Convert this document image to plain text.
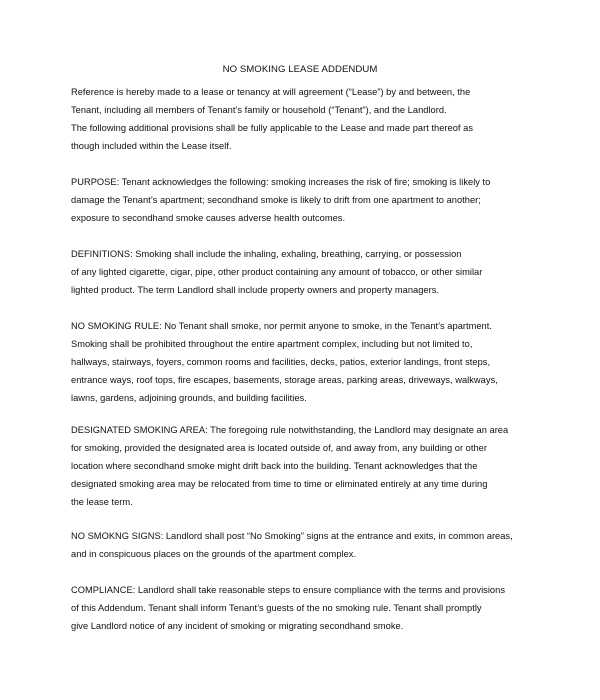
NO SMOKING LEASE ADDENDUM
Reference is hereby made to a lease or tenancy at will agreement (“Lease”) by and between, the
Tenant, including all members of Tenant’s family or household (“Tenant”), and the Landlord.
The following additional provisions shall be fully applicable to the Lease and made part thereof as
though included within the Lease itself.
PURPOSE: Tenant acknowledges the following: smoking increases the risk of fire; smoking is likely to
damage the Tenant’s apartment; secondhand smoke is likely to drift from one apartment to another;
exposure to secondhand smoke causes adverse health outcomes.
DEFINITIONS: Smoking shall include the inhaling, exhaling, breathing, carrying, or possession
of any lighted cigarette, cigar, pipe, other product containing any amount of tobacco, or other similar
lighted product. The term Landlord shall include property owners and property managers.
NO SMOKING RULE: No Tenant shall smoke, nor permit anyone to smoke, in the Tenant’s apartment.
Smoking shall be prohibited throughout the entire apartment complex, including but not limited to,
hallways, stairways, foyers, common rooms and facilities, decks, patios, exterior landings, front steps,
entrance ways, roof tops, fire escapes, basements, storage areas, parking areas, driveways, walkways,
lawns, gardens, adjoining grounds, and building facilities.
DESIGNATED SMOKING AREA: The foregoing rule notwithstanding, the Landlord may designate an area
for smoking, provided the designated area is located outside of, and away from, any building or other
location where secondhand smoke might drift back into the building. Tenant acknowledges that the
designated smoking area may be relocated from time to time or eliminated entirely at any time during
the lease term.
NO SMOKNG SIGNS: Landlord shall post “No Smoking” signs at the entrance and exits, in common areas,
and in conspicuous places on the grounds of the apartment complex.
COMPLIANCE: Landlord shall take reasonable steps to ensure compliance with the terms and provisions
of this Addendum. Tenant shall inform Tenant’s guests of the no smoking rule. Tenant shall promptly
give Landlord notice of any incident of smoking or migrating secondhand smoke.
